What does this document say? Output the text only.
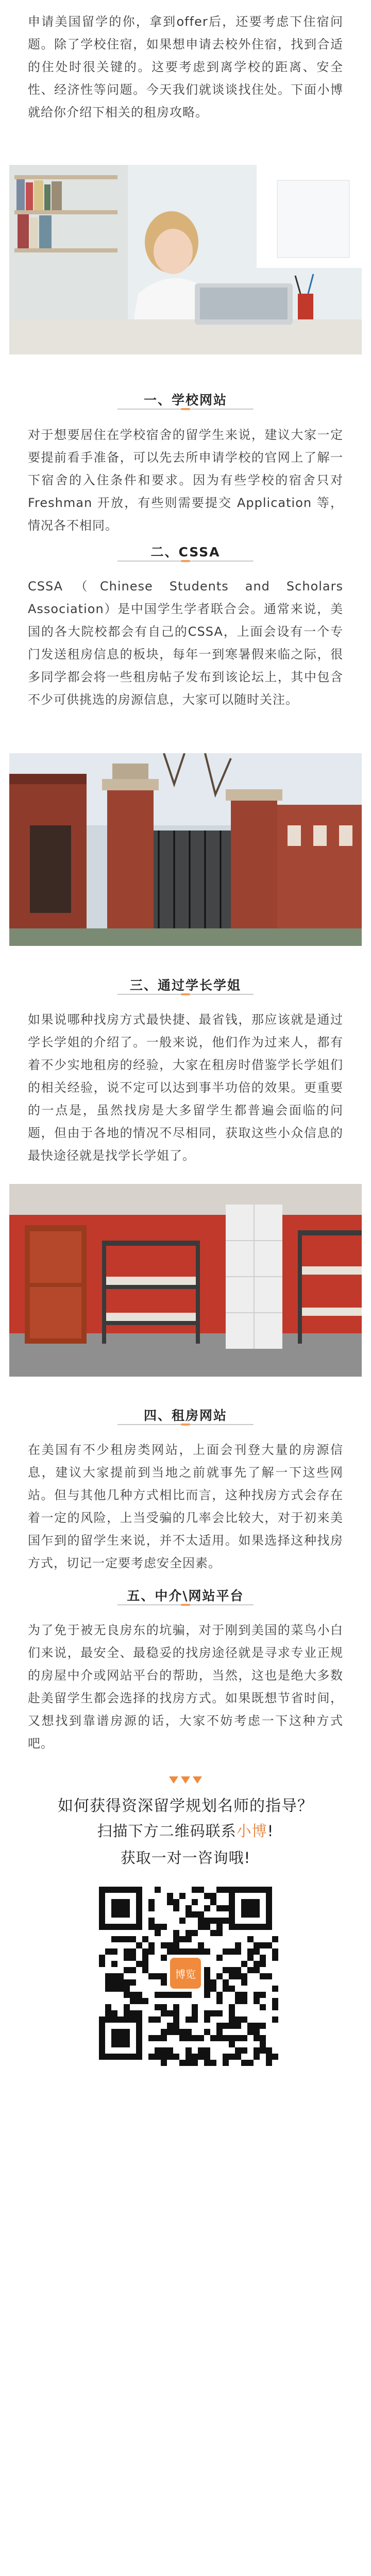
申请美国留学的你，拿到offer后，还要考虑下住宿问题。除了学校住宿，如果想申请去校外住宿，找到合适的住处时很关键的。这要考虑到离学校的距离、安全性、经济性等问题。今天我们就谈谈找住处。下面小博就给你介绍下相关的租房攻略。

一、学校网站

对于想要居住在学校宿舍的留学生来说，建议大家一定要提前看手准备，可以先去所申请学校的官网上了解一下宿舍的入住条件和要求。因为有些学校的宿舍只对 Freshman 开放，有些则需要提交 Application 等，情况各不相同。

二、CSSA

CSSA（Chinese Students and Scholars Association）是中国学生学者联合会。通常来说，美国的各大院校都会有自己的CSSA，上面会设有一个专门发送租房信息的板块，每年一到寒暑假来临之际，很多同学都会将一些租房帖子发布到该论坛上，其中包含不少可供挑选的房源信息，大家可以随时关注。

三、通过学长学姐

如果说哪种找房方式最快捷、最省钱，那应该就是通过学长学姐的介绍了。一般来说，他们作为过来人，都有着不少实地租房的经验，大家在租房时借鉴学长学姐们的相关经验，说不定可以达到事半功倍的效果。更重要的一点是，虽然找房是大多留学生都普遍会面临的问题，但由于各地的情况不尽相同，获取这些小众信息的最快途径就是找学长学姐了。

四、租房网站

在美国有不少租房类网站，上面会刊登大量的房源信息，建议大家提前到当地之前就事先了解一下这些网站。但与其他几种方式相比而言，这种找房方式会存在着一定的风险，上当受骗的几率会比较大，对于初来美国乍到的留学生来说，并不太适用。如果选择这种找房方式，切记一定要考虑安全因素。

五、中介\网站平台

为了免于被无良房东的坑骗，对于刚到美国的菜鸟小白们来说，最安全、最稳妥的找房途径就是寻求专业正规的房屋中介或网站平台的帮助，当然，这也是绝大多数赴美留学生都会选择的找房方式。如果既想节省时间，又想找到靠谱房源的话，大家不妨考虑一下这种方式吧。

如何获得资深留学规划名师的指导？
扫描下方二维码联系小博!
获取一对一咨询哦!
博览
